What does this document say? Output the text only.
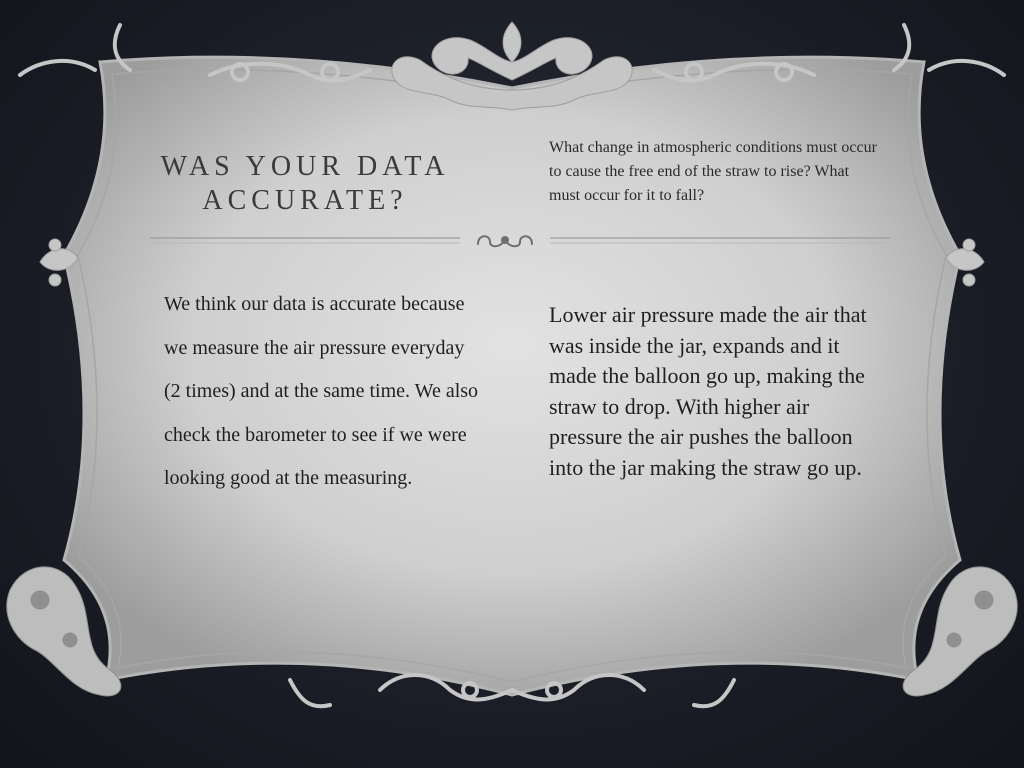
WAS YOUR DATA ACCURATE?

What change in atmospheric conditions must occur to cause the free end of the straw to rise? What must occur for it to fall?

We think our data is accurate because we measure the air pressure everyday (2 times) and at the same time. We also check the barometer to see if we were looking good at the measuring.

Lower air pressure made the air that was inside the jar, expands and it made the balloon go up, making the straw to drop. With higher air pressure the air pushes the balloon into the jar making the straw go up.
